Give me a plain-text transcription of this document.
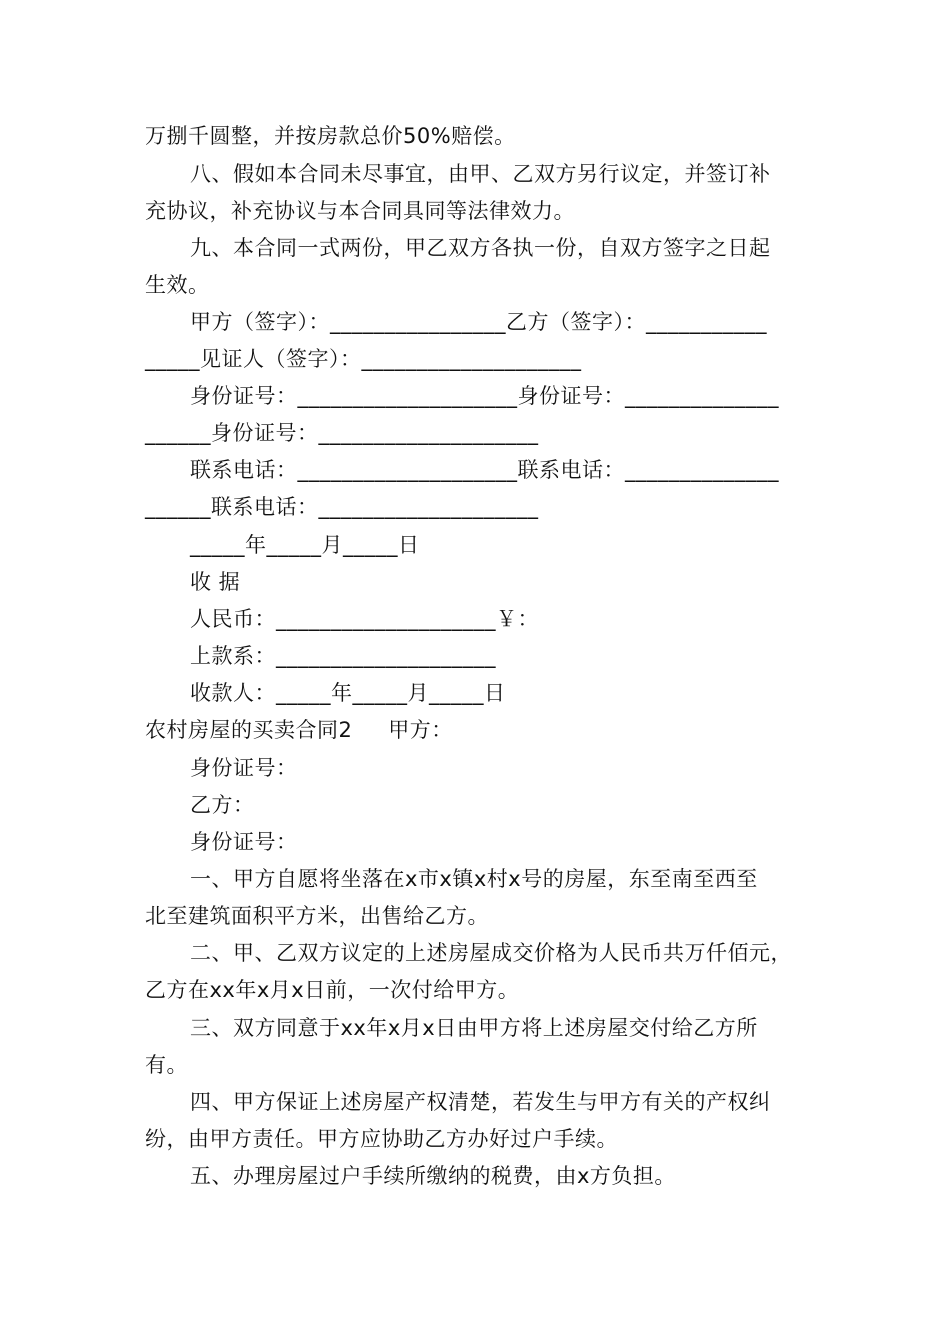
万捌千圆整，并按房款总价50%赔偿。
八、假如本合同未尽事宜，由甲、乙双方另行议定，并签订补
充协议，补充协议与本合同具同等法律效力。
九、本合同一式两份，甲乙双方各执一份，自双方签字之日起
生效。
甲方（签字）：________________乙方（签字）：___________
_____见证人（签字）：____________________
身份证号：____________________身份证号：______________
______身份证号：____________________
联系电话：____________________联系电话：______________
______联系电话：____________________
_____年_____月_____日
收 据
人民币：____________________￥：
上款系：____________________
收款人：_____年_____月_____日
农村房屋的买卖合同2     甲方：
身份证号：
乙方：
身份证号：
一、甲方自愿将坐落在x市x镇x村x号的房屋，东至南至西至
北至建筑面积平方米，出售给乙方。
二、甲、乙双方议定的上述房屋成交价格为人民币共万仟佰元，
乙方在xx年x月x日前，一次付给甲方。
三、双方同意于xx年x月x日由甲方将上述房屋交付给乙方所
有。
四、甲方保证上述房屋产权清楚，若发生与甲方有关的产权纠
纷，由甲方责任。甲方应协助乙方办好过户手续。
五、办理房屋过户手续所缴纳的税费，由x方负担。
